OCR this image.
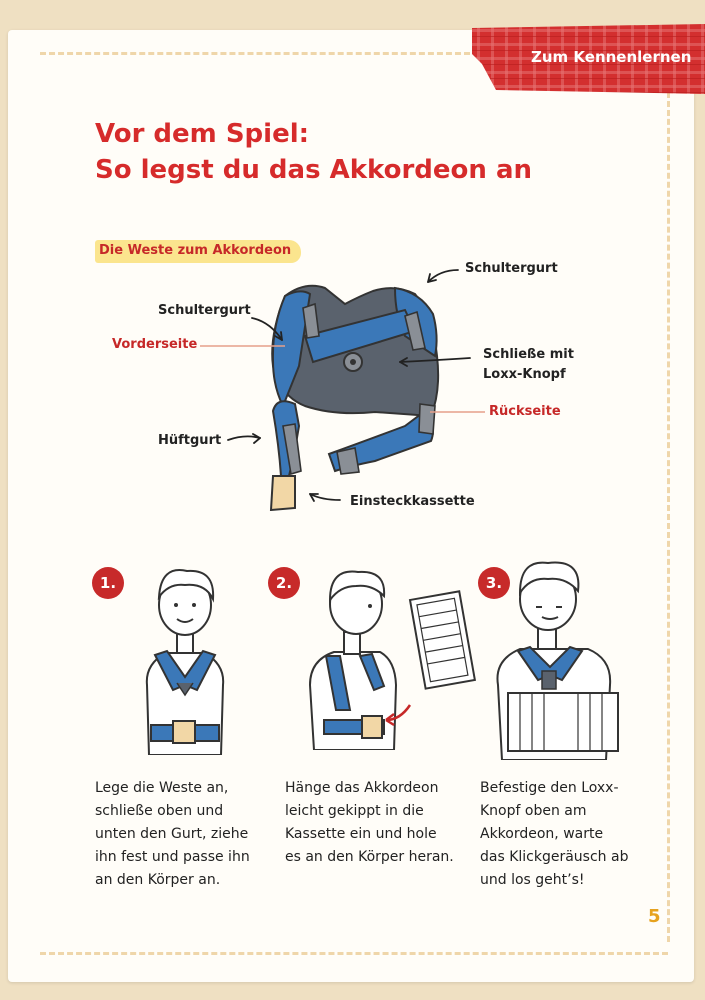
Zum Kennenlernen
Vor dem Spiel:
So legst du das Akkordeon an
Die Weste zum Akkordeon
Schultergurt
Schultergurt
Vorderseite
Schließe mit
Loxx-Knopf
Rückseite
Hüftgurt
Einsteckkassette
1.	2.	3.

Lege die Weste an,
schließe oben und
unten den Gurt, ziehe
ihn fest und passe ihn
an den Körper an.

Hänge das Akkordeon
leicht gekippt in die
Kassette ein und hole
es an den Körper heran.

Befestige den Loxx-
Knopf oben am
Akkordeon, warte
das Klickgeräusch ab
und los geht’s!

5
